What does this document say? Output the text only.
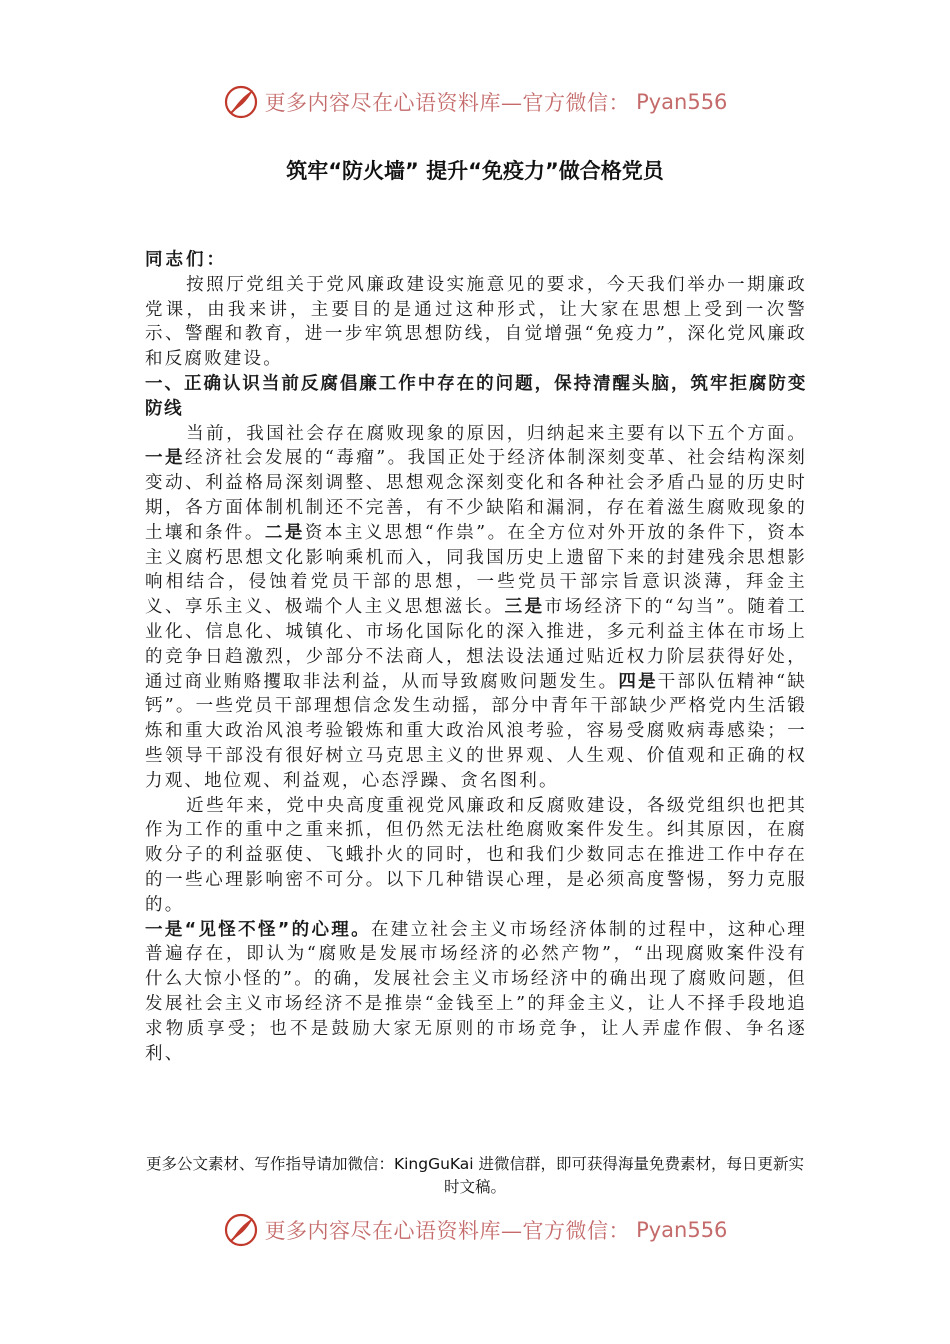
更多内容尽在心语资料库—官方微信： Pyan556
筑牢“防火墙” 提升“免疫力”做合格党员

同志们：

按照厅党组关于党风廉政建设实施意见的要求，今天我们举办一期廉政党课，由我来讲，主要目的是通过这种形式，让大家在思想上受到一次警示、警醒和教育，进一步牢筑思想防线，自觉增强“免疫力”，深化党风廉政和反腐败建设。

一、正确认识当前反腐倡廉工作中存在的问题，保持清醒头脑，筑牢拒腐防变防线

当前，我国社会存在腐败现象的原因，归纳起来主要有以下五个方面。一是经济社会发展的“毒瘤”。我国正处于经济体制深刻变革、社会结构深刻变动、利益格局深刻调整、思想观念深刻变化和各种社会矛盾凸显的历史时期，各方面体制机制还不完善，有不少缺陷和漏洞，存在着滋生腐败现象的土壤和条件。二是资本主义思想“作祟”。在全方位对外开放的条件下，资本主义腐朽思想文化影响乘机而入，同我国历史上遗留下来的封建残余思想影响相结合，侵蚀着党员干部的思想，一些党员干部宗旨意识淡薄，拜金主义、享乐主义、极端个人主义思想滋长。三是市场经济下的“勾当”。随着工业化、信息化、城镇化、市场化国际化的深入推进，多元利益主体在市场上的竞争日趋激烈，少部分不法商人，想法设法通过贴近权力阶层获得好处，通过商业贿赂攫取非法利益，从而导致腐败问题发生。四是干部队伍精神“缺钙”。一些党员干部理想信念发生动摇，部分中青年干部缺少严格党内生活锻炼和重大政治风浪考验锻炼和重大政治风浪考验，容易受腐败病毒感染；一些领导干部没有很好树立马克思主义的世界观、人生观、价值观和正确的权力观、地位观、利益观，心态浮躁、贪名图利。

近些年来，党中央高度重视党风廉政和反腐败建设，各级党组织也把其作为工作的重中之重来抓，但仍然无法杜绝腐败案件发生。纠其原因，在腐败分子的利益驱使、飞蛾扑火的同时，也和我们少数同志在推进工作中存在的一些心理影响密不可分。以下几种错误心理，是必须高度警惕，努力克服的。

一是“见怪不怪”的心理。在建立社会主义市场经济体制的过程中，这种心理普遍存在，即认为“腐败是发展市场经济的必然产物”，“出现腐败案件没有什么大惊小怪的”。的确，发展社会主义市场经济中的确出现了腐败问题，但发展社会主义市场经济不是推崇“金钱至上”的拜金主义，让人不择手段地追求物质享受；也不是鼓励大家无原则的市场竞争，让人弄虚作假、争名逐利、

更多公文素材、写作指导请加微信：KingGuKai 进微信群，即可获得海量免费素材，每日更新实时文稿。
更多内容尽在心语资料库—官方微信： Pyan556
